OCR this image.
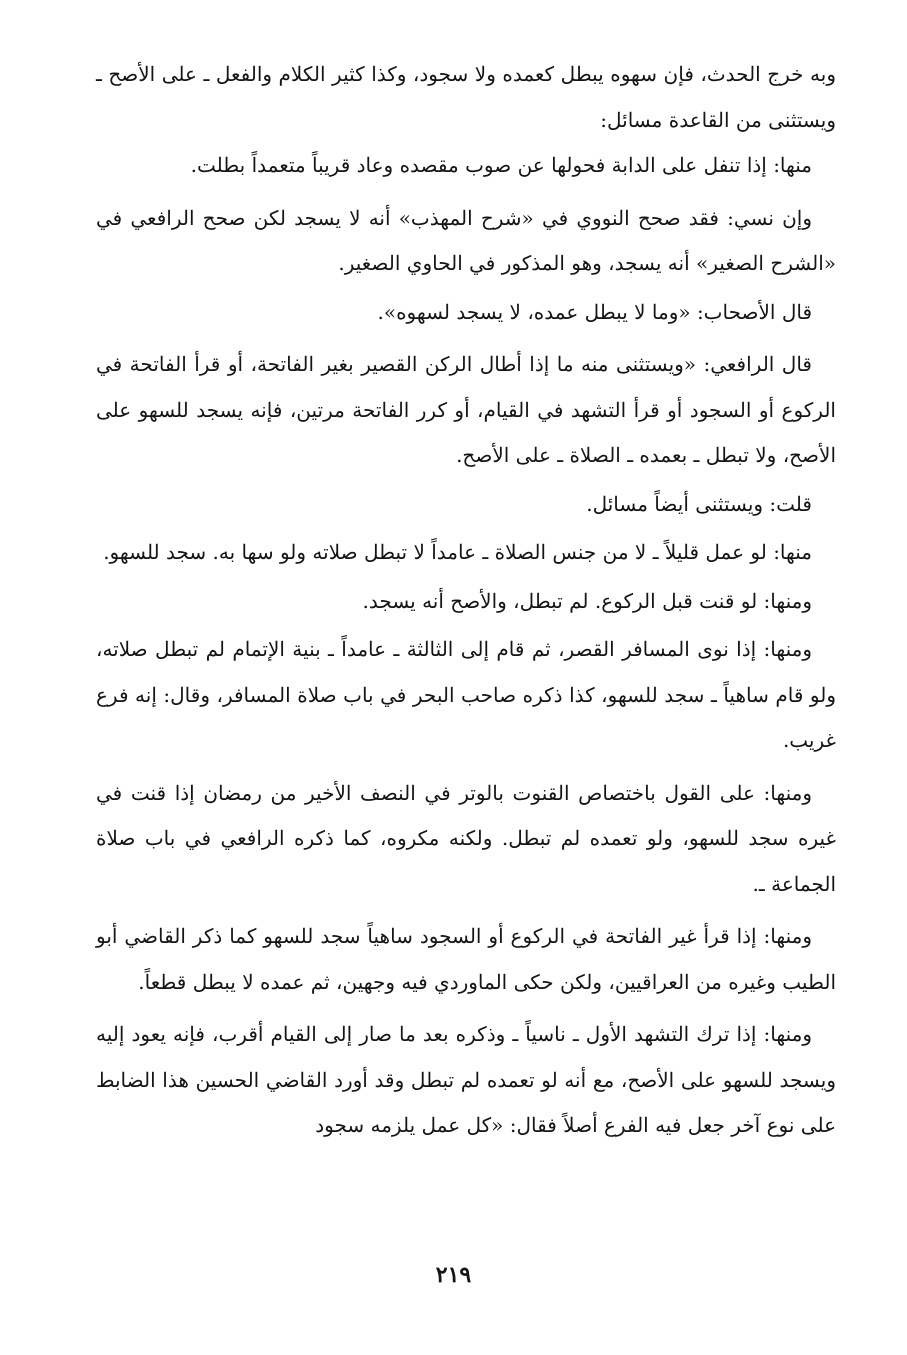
وبه خرج الحدث، فإن سهوه يبطل كعمده ولا سجود، وكذا كثير الكلام والفعل ـ على الأصح ـ ويستثنى من القاعدة مسائل:

منها: إذا تنفل على الدابة فحولها عن صوب مقصده وعاد قريباً متعمداً بطلت.

وإن نسي: فقد صحح النووي في «شرح المهذب» أنه لا يسجد لكن صحح الرافعي في «الشرح الصغير» أنه يسجد، وهو المذكور في الحاوي الصغير.

قال الأصحاب: «وما لا يبطل عمده، لا يسجد لسهوه».

قال الرافعي: «ويستثنى منه ما إذا أطال الركن القصير بغير الفاتحة، أو قرأ الفاتحة في الركوع أو السجود أو قرأ التشهد في القيام، أو كرر الفاتحة مرتين، فإنه يسجد للسهو على الأصح، ولا تبطل ـ بعمده ـ الصلاة ـ على الأصح.

قلت: ويستثنى أيضاً مسائل.

منها: لو عمل قليلاً ـ لا من جنس الصلاة ـ عامداً لا تبطل صلاته ولو سها به. سجد للسهو.

ومنها: لو قنت قبل الركوع. لم تبطل، والأصح أنه يسجد.

ومنها: إذا نوى المسافر القصر، ثم قام إلى الثالثة ـ عامداً ـ بنية الإتمام لم تبطل صلاته، ولو قام ساهياً ـ سجد للسهو، كذا ذكره صاحب البحر في باب صلاة المسافر، وقال: إنه فرع غريب.

ومنها: على القول باختصاص القنوت بالوتر في النصف الأخير من رمضان إذا قنت في غيره سجد للسهو، ولو تعمده لم تبطل. ولكنه مكروه، كما ذكره الرافعي في باب صلاة الجماعة ـ.

ومنها: إذا قرأ غير الفاتحة في الركوع أو السجود ساهياً سجد للسهو كما ذكر القاضي أبو الطيب وغيره من العراقيين، ولكن حكى الماوردي فيه وجهين، ثم عمده لا يبطل قطعاً.

ومنها: إذا ترك التشهد الأول ـ ناسياً ـ وذكره بعد ما صار إلى القيام أقرب، فإنه يعود إليه ويسجد للسهو على الأصح، مع أنه لو تعمده لم تبطل وقد أورد القاضي الحسين هذا الضابط على نوع آخر جعل فيه الفرع أصلاً فقال: «كل عمل يلزمه سجود

٢١٩
